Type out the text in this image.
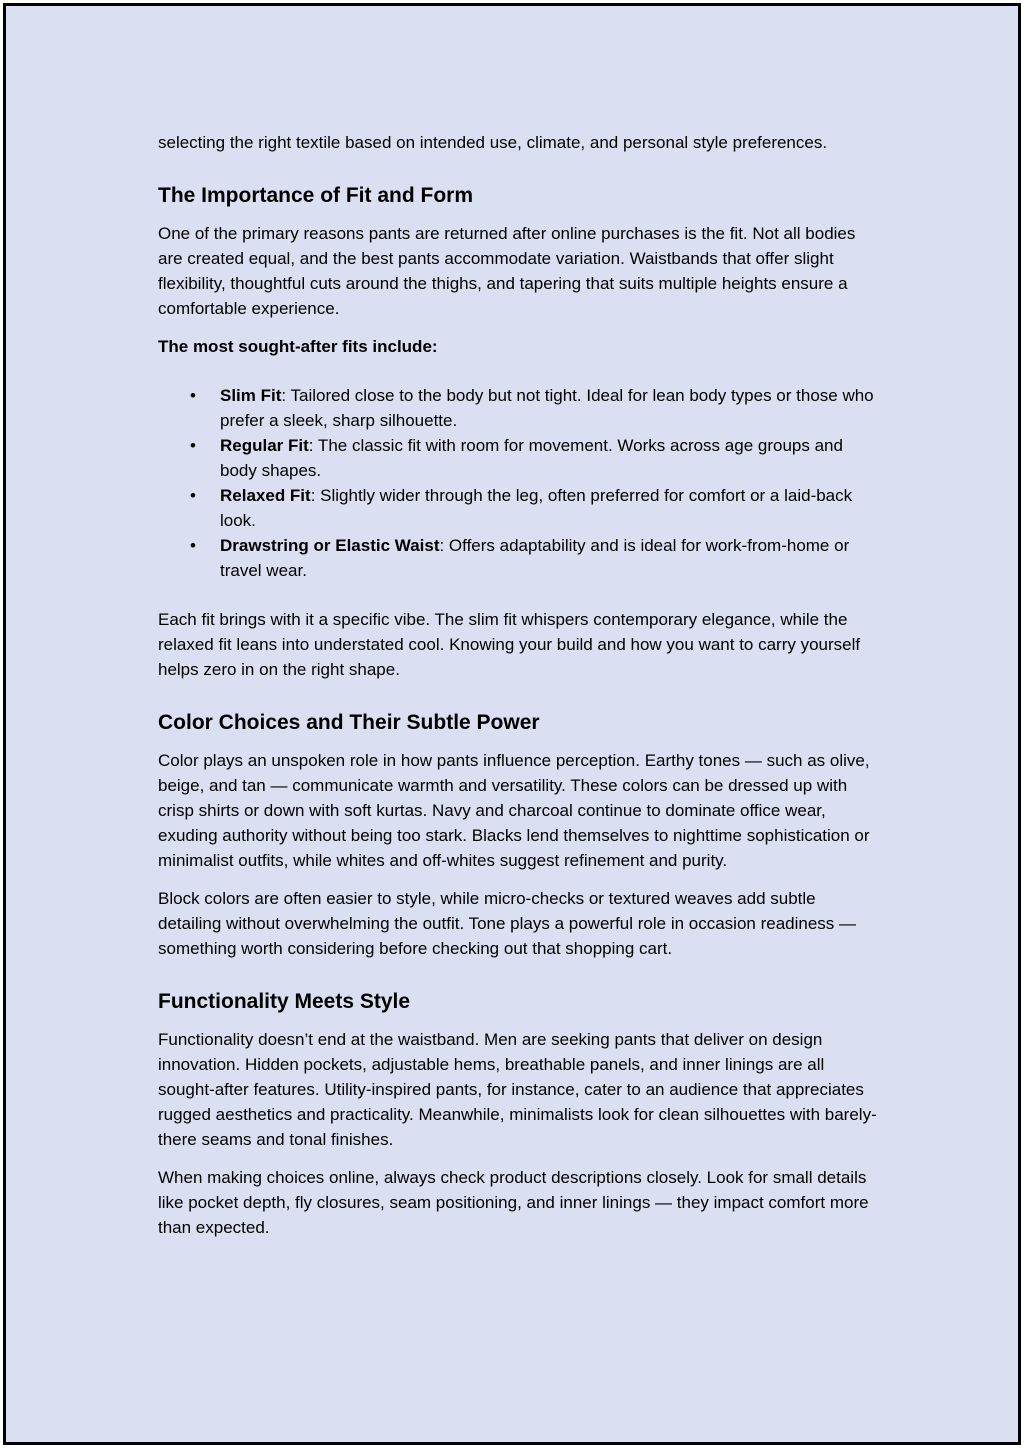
selecting the right textile based on intended use, climate, and personal style preferences.

The Importance of Fit and Form

One of the primary reasons pants are returned after online purchases is the fit. Not all bodies are created equal, and the best pants accommodate variation. Waistbands that offer slight flexibility, thoughtful cuts around the thighs, and tapering that suits multiple heights ensure a comfortable experience.

The most sought-after fits include:

• Slim Fit: Tailored close to the body but not tight. Ideal for lean body types or those who prefer a sleek, sharp silhouette.
• Regular Fit: The classic fit with room for movement. Works across age groups and body shapes.
• Relaxed Fit: Slightly wider through the leg, often preferred for comfort or a laid-back look.
• Drawstring or Elastic Waist: Offers adaptability and is ideal for work-from-home or travel wear.

Each fit brings with it a specific vibe. The slim fit whispers contemporary elegance, while the relaxed fit leans into understated cool. Knowing your build and how you want to carry yourself helps zero in on the right shape.

Color Choices and Their Subtle Power

Color plays an unspoken role in how pants influence perception. Earthy tones — such as olive, beige, and tan — communicate warmth and versatility. These colors can be dressed up with crisp shirts or down with soft kurtas. Navy and charcoal continue to dominate office wear, exuding authority without being too stark. Blacks lend themselves to nighttime sophistication or minimalist outfits, while whites and off-whites suggest refinement and purity.

Block colors are often easier to style, while micro-checks or textured weaves add subtle detailing without overwhelming the outfit. Tone plays a powerful role in occasion readiness — something worth considering before checking out that shopping cart.

Functionality Meets Style

Functionality doesn’t end at the waistband. Men are seeking pants that deliver on design innovation. Hidden pockets, adjustable hems, breathable panels, and inner linings are all sought-after features. Utility-inspired pants, for instance, cater to an audience that appreciates rugged aesthetics and practicality. Meanwhile, minimalists look for clean silhouettes with barely-there seams and tonal finishes.

When making choices online, always check product descriptions closely. Look for small details like pocket depth, fly closures, seam positioning, and inner linings — they impact comfort more than expected.
